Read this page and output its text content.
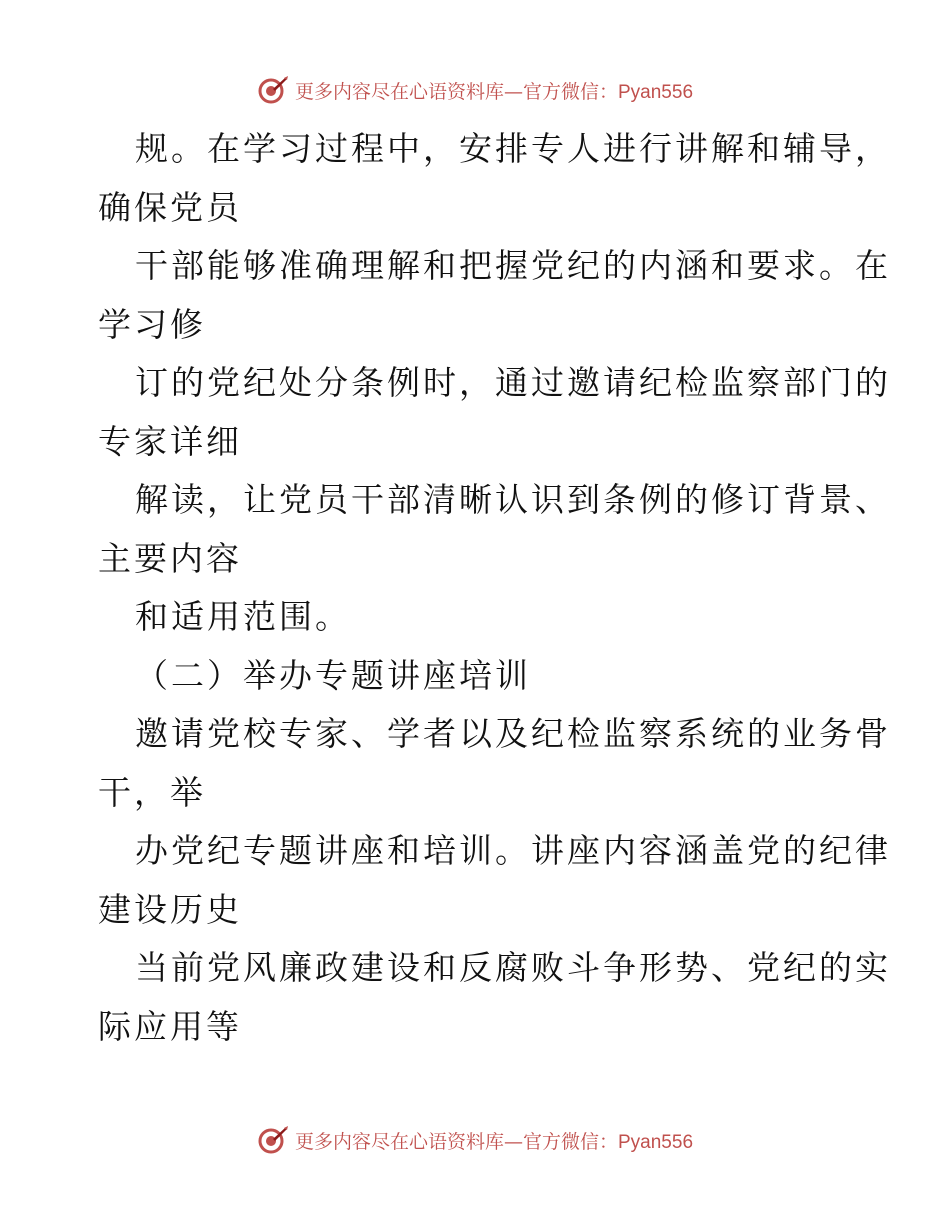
更多内容尽在心语资料库—官方微信：Pyan556
规。在学习过程中，安排专人进行讲解和辅导，
确保党员
干部能够准确理解和把握党纪的内涵和要求。在
学习修
订的党纪处分条例时，通过邀请纪检监察部门的
专家详细
解读，让党员干部清晰认识到条例的修订背景、
主要内容
和适用范围。
（二）举办专题讲座培训
邀请党校专家、学者以及纪检监察系统的业务骨
干，举
办党纪专题讲座和培训。讲座内容涵盖党的纪律
建设历史
当前党风廉政建设和反腐败斗争形势、党纪的实
际应用等
更多内容尽在心语资料库—官方微信：Pyan556
